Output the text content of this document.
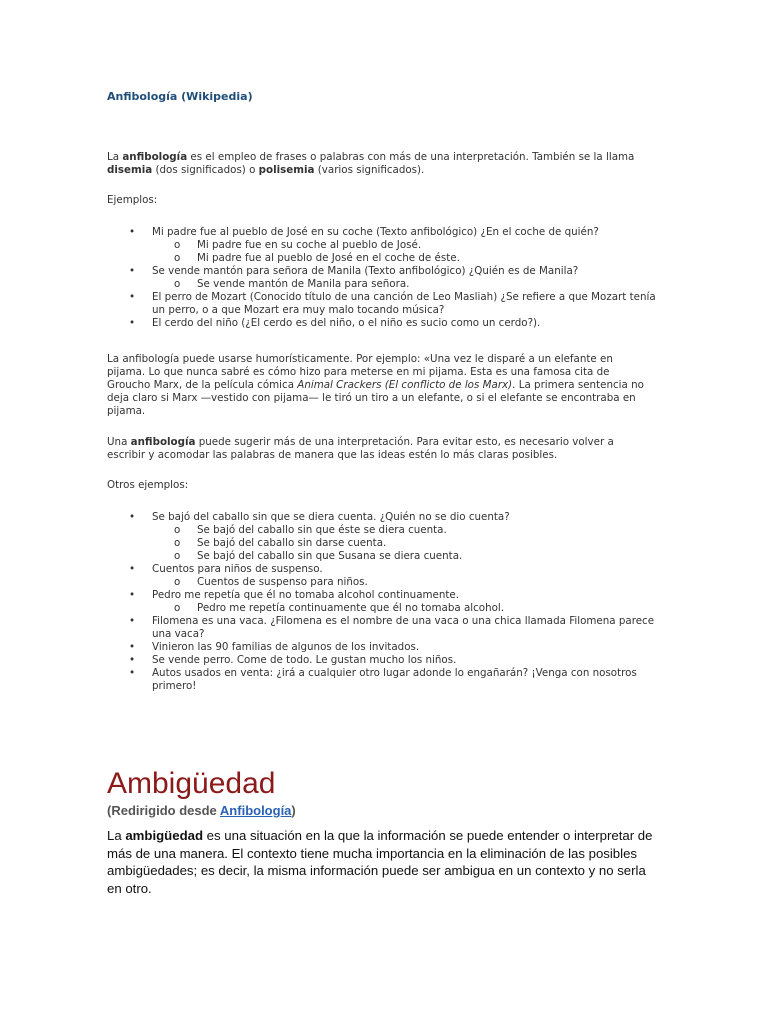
Anfibología (Wikipedia)

La anfibología es el empleo de frases o palabras con más de una interpretación. También se la llama disemia (dos significados) o polisemia (varios significados).

Ejemplos:

• Mi padre fue al pueblo de José en su coche (Texto anfibológico) ¿En el coche de quién?
o Mi padre fue en su coche al pueblo de José.
o Mi padre fue al pueblo de José en el coche de éste.
• Se vende mantón para señora de Manila (Texto anfibológico) ¿Quién es de Manila?
o Se vende mantón de Manila para señora.
• El perro de Mozart (Conocido título de una canción de Leo Masliah) ¿Se refiere a que Mozart tenía un perro, o a que Mozart era muy malo tocando música?
• El cerdo del niño (¿El cerdo es del niño, o el niño es sucio como un cerdo?).

La anfibología puede usarse humorísticamente. Por ejemplo: «Una vez le disparé a un elefante en pijama. Lo que nunca sabré es cómo hizo para meterse en mi pijama. Esta es una famosa cita de Groucho Marx, de la película cómica Animal Crackers (El conflicto de los Marx). La primera sentencia no deja claro si Marx —vestido con pijama— le tiró un tiro a un elefante, o si el elefante se encontraba en pijama.

Una anfibología puede sugerir más de una interpretación. Para evitar esto, es necesario volver a escribir y acomodar las palabras de manera que las ideas estén lo más claras posibles.

Otros ejemplos:

• Se bajó del caballo sin que se diera cuenta. ¿Quién no se dio cuenta?
o Se bajó del caballo sin que éste se diera cuenta.
o Se bajó del caballo sin darse cuenta.
o Se bajó del caballo sin que Susana se diera cuenta.
• Cuentos para niños de suspenso.
o Cuentos de suspenso para niños.
• Pedro me repetía que él no tomaba alcohol continuamente.
o Pedro me repetía continuamente que él no tomaba alcohol.
• Filomena es una vaca. ¿Filomena es el nombre de una vaca o una chica llamada Filomena parece una vaca?
• Vinieron las 90 familias de algunos de los invitados.
• Se vende perro. Come de todo. Le gustan mucho los niños.
• Autos usados en venta: ¿irá a cualquier otro lugar adonde lo engañarán? ¡Venga con nosotros primero!
Ambigüedad

(Redirigido desde Anfibología)

La ambigüedad es una situación en la que la información se puede entender o interpretar de más de una manera. El contexto tiene mucha importancia en la eliminación de las posibles ambigüedades; es decir, la misma información puede ser ambigua en un contexto y no serla en otro.
